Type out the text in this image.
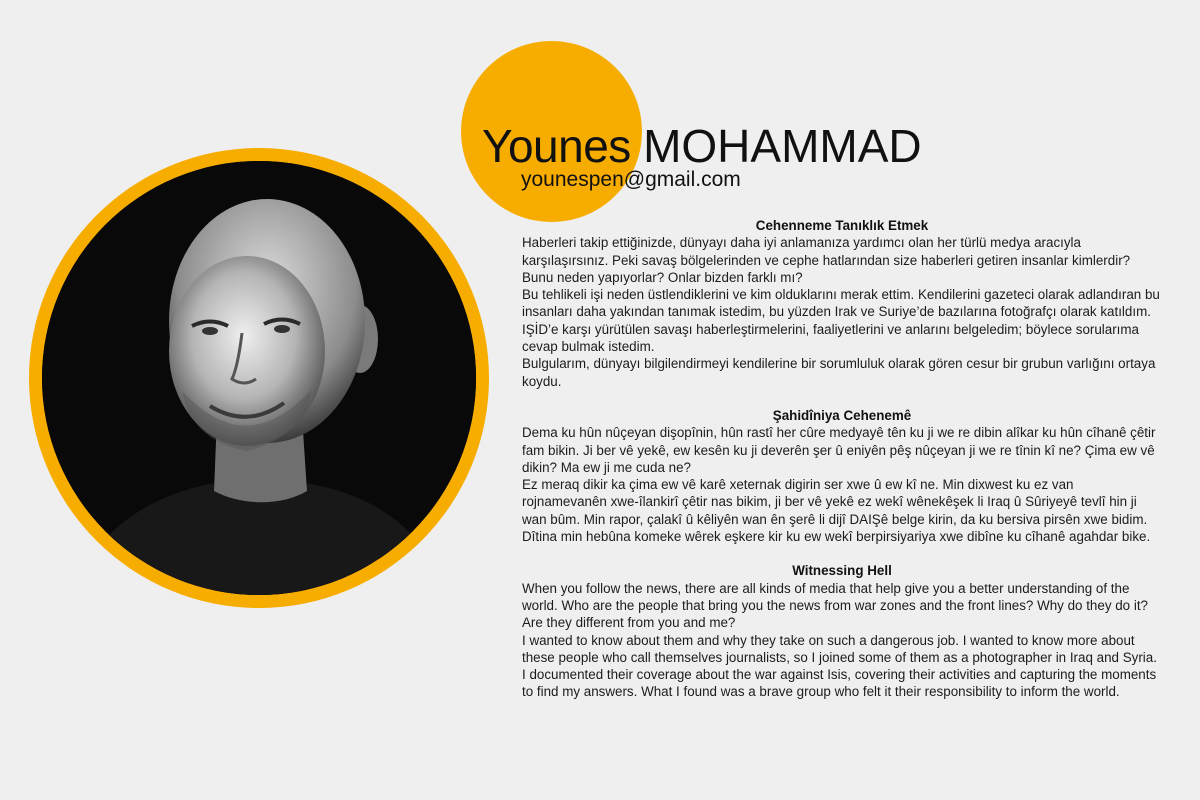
Younes MOHAMMAD
younespen@gmail.com
Cehenneme Tanıklık Etmek

Haberleri takip ettiğinizde, dünyayı daha iyi anlamanıza yardımcı olan her türlü medya aracıyla karşılaşırsınız. Peki savaş bölgelerinden ve cephe hatlarından size haberleri getiren insanlar kimlerdir? Bunu neden yapıyorlar? Onlar bizden farklı mı?

Bu tehlikeli işi neden üstlendiklerini ve kim olduklarını merak ettim. Kendilerini gazeteci olarak adlandıran bu insanları daha yakından tanımak istedim, bu yüzden Irak ve Suriye’de bazılarına fotoğrafçı olarak katıldım. IŞİD’e karşı yürütülen savaşı haberleştirmelerini, faaliyetlerini ve anlarını belgeledim; böylece sorularıma cevap bulmak istedim.

Bulgularım, dünyayı bilgilendirmeyi kendilerine bir sorumluluk olarak gören cesur bir grubun varlığını ortaya koydu.

Şahidîniya Cehenemê

Dema ku hûn nûçeyan dişopînin, hûn rastî her cûre medyayê tên ku ji we re dibin alîkar ku hûn cîhanê çêtir fam bikin. Ji ber vê yekê, ew kesên ku ji deverên şer û eniyên pêş nûçeyan ji we re tînin kî ne? Çima ew vê dikin? Ma ew ji me cuda ne?

Ez meraq dikir ka çima ew vê karê xeternak digirin ser xwe û ew kî ne. Min dixwest ku ez van rojnamevanên xwe-îlankirî çêtir nas bikim, ji ber vê yekê ez wekî wênekêşek li Iraq û Sûriyeyê tevlî hin ji wan bûm. Min rapor, çalakî û kêliyên wan ên şerê li dijî DAIŞê belge kirin, da ku bersiva pirsên xwe bidim.

Dîtina min hebûna komeke wêrek eşkere kir ku ew wekî berpirsiyariya xwe dibîne ku cîhanê agahdar bike.

Witnessing Hell

When you follow the news, there are all kinds of media that help give you a better understanding of the world. Who are the people that bring you the news from war zones and the front lines? Why do they do it? Are they different from you and me?

I wanted to know about them and why they take on such a dangerous job. I wanted to know more about these people who call themselves journalists, so I joined some of them as a photographer in Iraq and Syria. I documented their coverage about the war against Isis, covering their activities and capturing the moments to find my answers. What I found was a brave group who felt it their responsibility to inform the world.
